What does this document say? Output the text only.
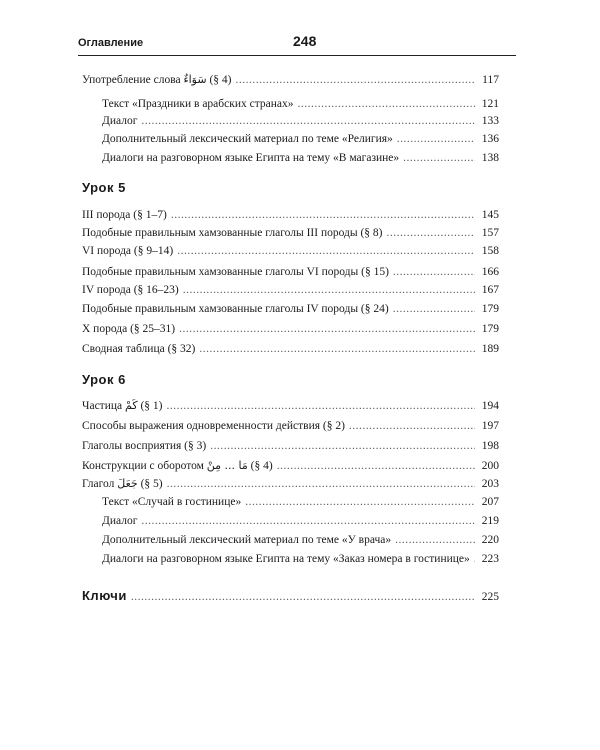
Оглавление	248
Употребление слова سَوَاءٌ (§ 4) .....	117
Текст «Праздники в арабских странах» .....	121
Диалог .....	133
Дополнительный лексический материал по теме «Религия» .....	136
Диалоги на разговорном языке Египта на тему «В магазине» .....	138
Урок 5
III порода (§ 1–7) .....	145
Подобные правильным хамзованные глаголы III породы (§ 8) .....	157
VI порода (§ 9–14) .....	158
Подобные правильным хамзованные глаголы VI породы (§ 15) .....	166
IV порода (§ 16–23) .....	167
Подобные правильным хамзованные глаголы IV породы (§ 24) .....	179
X порода (§ 25–31) .....	179
Сводная таблица (§ 32) .....	189
Урок 6
Частица كَمْ (§ 1) .....	194
Способы выражения одновременности действия (§ 2) .....	197
Глаголы восприятия (§ 3) .....	198
Конструкции с оборотом مَا ... مِنْ (§ 4) .....	200
Глагол جَعَلَ (§ 5) .....	203
Текст «Случай в гостинице» .....	207
Диалог .....	219
Дополнительный лексический материал по теме «У врача» .....	220
Диалоги на разговорном языке Египта на тему «Заказ номера в гостинице» ..... 223
Ключи .....	225
